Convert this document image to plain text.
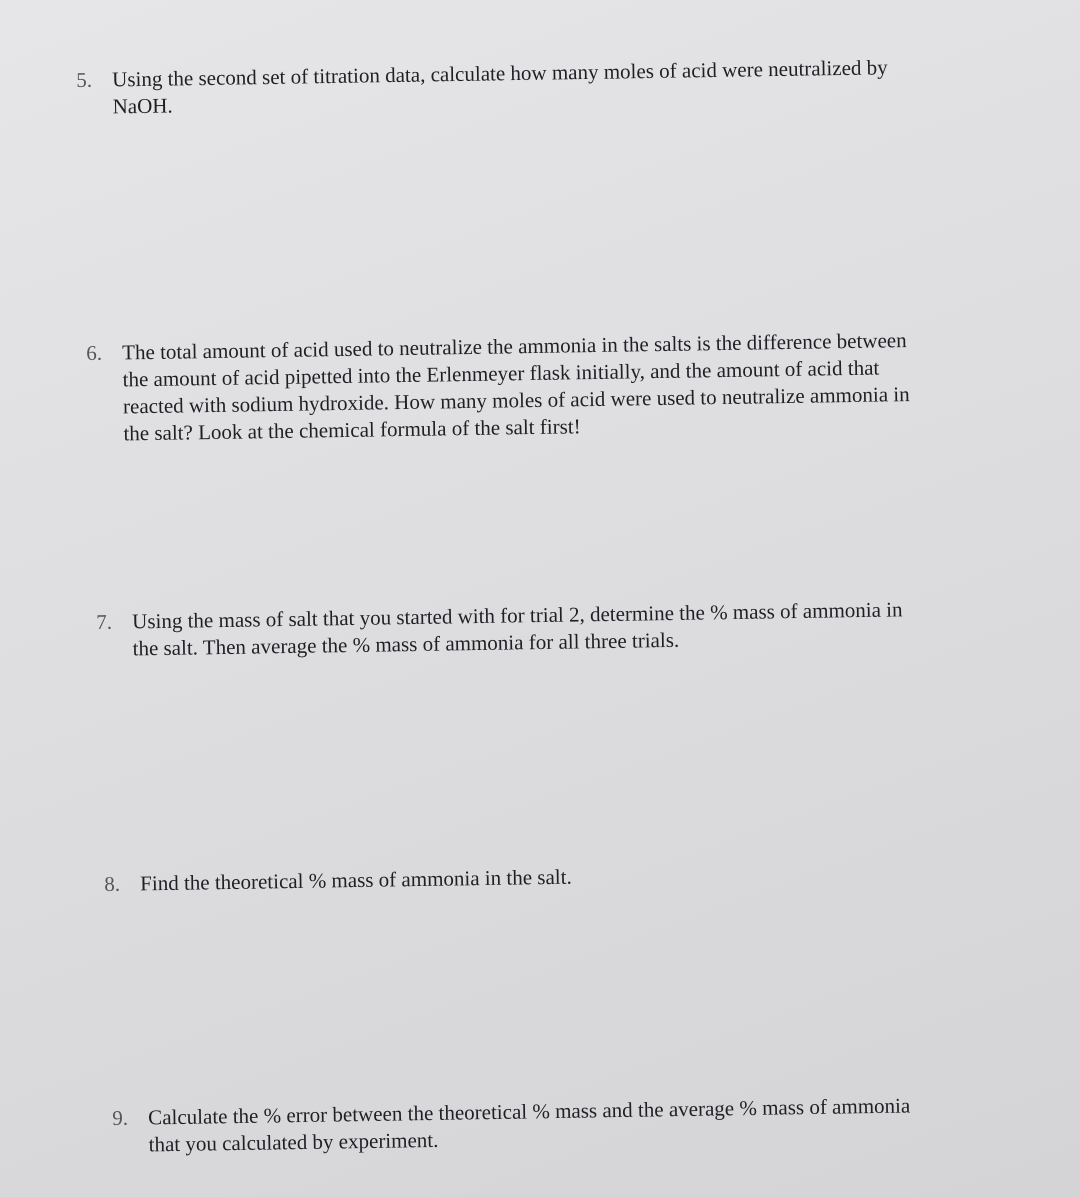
5. Using the second set of titration data, calculate how many moles of acid were neutralized by
NaOH.
6. The total amount of acid used to neutralize the ammonia in the salts is the difference between
the amount of acid pipetted into the Erlenmeyer flask initially, and the amount of acid that
reacted with sodium hydroxide. How many moles of acid were used to neutralize ammonia in
the salt? Look at the chemical formula of the salt first!
7. Using the mass of salt that you started with for trial 2, determine the % mass of ammonia in
the salt. Then average the % mass of ammonia for all three trials.
8. Find the theoretical % mass of ammonia in the salt.
9. Calculate the % error between the theoretical % mass and the average % mass of ammonia
that you calculated by experiment.
